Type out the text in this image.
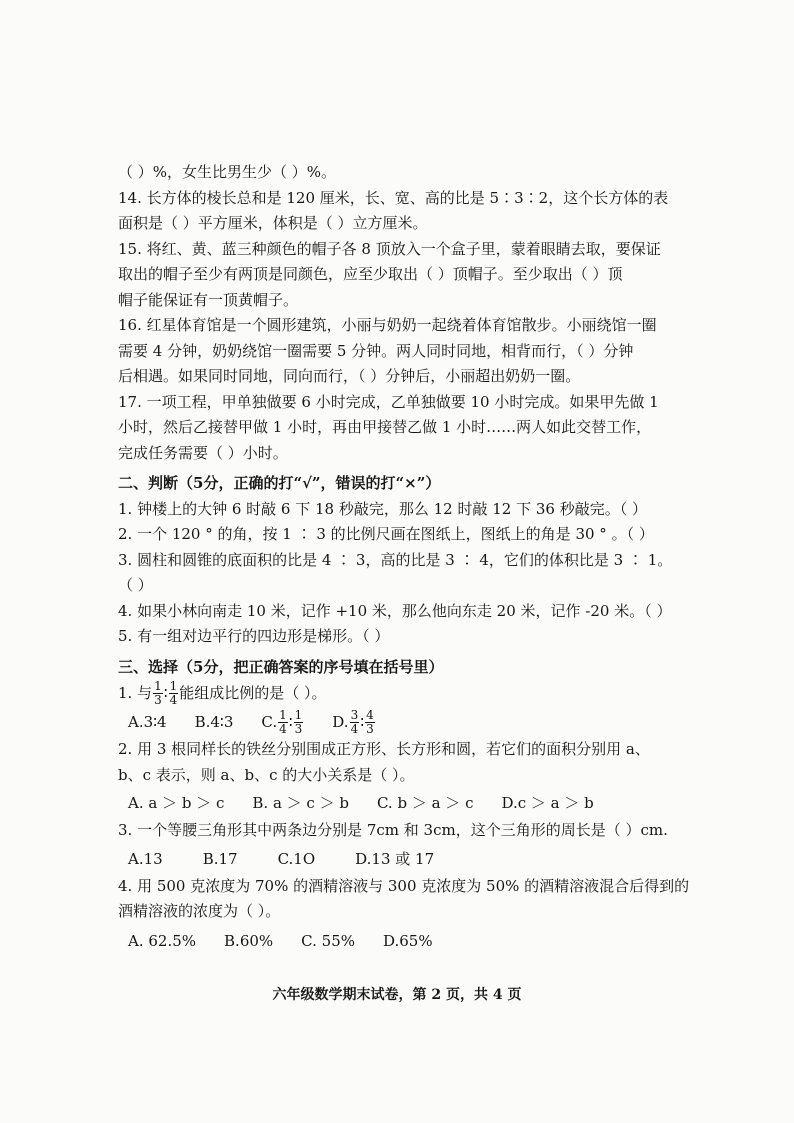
（ ）%，女生比男生少（ ）%。
14. 长方体的棱长总和是 120 厘米，长、宽、高的比是 5∶3∶2，这个长方体的表
面积是（ ）平方厘米，体积是（ ）立方厘米。
15. 将红、黄、蓝三种颜色的帽子各 8 顶放入一个盒子里，蒙着眼睛去取，要保证
取出的帽子至少有两顶是同颜色，应至少取出（ ）顶帽子。至少取出（ ）顶
帽子能保证有一顶黄帽子。
16. 红星体育馆是一个圆形建筑，小丽与奶奶一起绕着体育馆散步。小丽绕馆一圈
需要 4 分钟，奶奶绕馆一圈需要 5 分钟。两人同时同地，相背而行，（ ）分钟
后相遇。如果同时同地，同向而行，（ ）分钟后，小丽超出奶奶一圈。
17. 一项工程，甲单独做要 6 小时完成，乙单独做要 10 小时完成。如果甲先做 1
小时，然后乙接替甲做 1 小时，再由甲接替乙做 1 小时……两人如此交替工作，
完成任务需要（ ）小时。
二、判断（5分，正确的打“√”，错误的打“×”）
1. 钟楼上的大钟 6 时敲 6 下 18 秒敲完，那么 12 时敲 12 下 36 秒敲完。（ ）
2. 一个 120 ° 的角，按 1 ∶ 3 的比例尺画在图纸上，图纸上的角是 30 ° 。（ ）
3. 圆柱和圆锥的底面积的比是 4 ∶ 3，高的比是 3 ∶ 4，它们的体积比是 3 ∶ 1。
（ ）
4. 如果小林向南走 10 米，记作 +10 米，那么他向东走 20 米，记作 -20 米。（ ）
5. 有一组对边平行的四边形是梯形。（ ）
三、选择（5分，把正确答案的序号填在括号里）
1. 与 $\frac{1}{3}$ ∶ $\frac{1}{4}$ 能组成比例的是（ ）。
A.3∶4 B.4∶3 C. $\frac{1}{4}$ ∶ $\frac{1}{3} D$. $\frac{3}{4}$ ∶ $\frac{4}{3}$
2. 用 3 根同样长的铁丝分别围成正方形、长方形和圆，若它们的面积分别用 a、
b、c 表示，则 a、b、c 的大小关系是（ ）。
A. a ＞ b ＞ c B. a ＞ c ＞ b C. b ＞ a ＞ c D.c ＞ a ＞ b
3. 一个等腰三角形其中两条边分别是 7cm 和 3cm，这个三角形的周长是（ ）cm.
A.13	B.17	C.1O	D.13 或 17
4. 用 500 克浓度为 70% 的酒精溶液与 300 克浓度为 50% 的酒精溶液混合后得到的
酒精溶液的浓度为（ ）。
A. 62.5% B.60% C. 55% D.65%
六年级数学期末试卷，第 2 页，共 4 页
